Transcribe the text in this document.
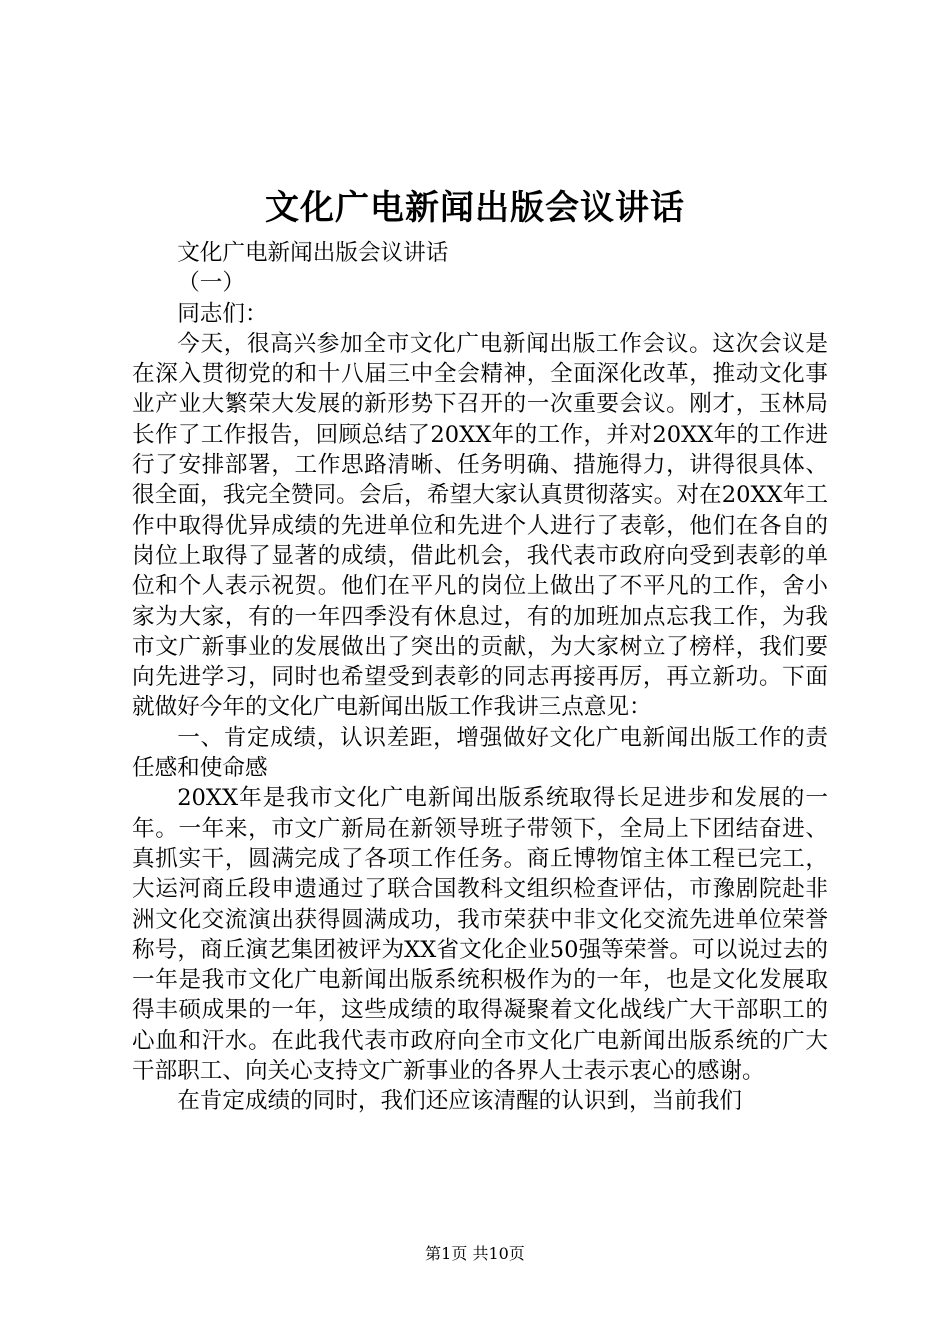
文化广电新闻出版会议讲话

文化广电新闻出版会议讲话

（一）

同志们：

今天，很高兴参加全市文化广电新闻出版工作会议。这次会议是在深入贯彻党的和十八届三中全会精神，全面深化改革，推动文化事业产业大繁荣大发展的新形势下召开的一次重要会议。刚才，玉林局长作了工作报告，回顾总结了20XX年的工作，并对20XX年的工作进行了安排部署，工作思路清晰、任务明确、措施得力，讲得很具体、很全面，我完全赞同。会后，希望大家认真贯彻落实。对在20XX年工作中取得优异成绩的先进单位和先进个人进行了表彰，他们在各自的岗位上取得了显著的成绩，借此机会，我代表市政府向受到表彰的单位和个人表示祝贺。他们在平凡的岗位上做出了不平凡的工作，舍小家为大家，有的一年四季没有休息过，有的加班加点忘我工作，为我市文广新事业的发展做出了突出的贡献，为大家树立了榜样，我们要向先进学习，同时也希望受到表彰的同志再接再厉，再立新功。下面就做好今年的文化广电新闻出版工作我讲三点意见：

一、肯定成绩，认识差距，增强做好文化广电新闻出版工作的责任感和使命感

20XX年是我市文化广电新闻出版系统取得长足进步和发展的一年。一年来，市文广新局在新领导班子带领下，全局上下团结奋进、真抓实干，圆满完成了各项工作任务。商丘博物馆主体工程已完工，大运河商丘段申遗通过了联合国教科文组织检查评估，市豫剧院赴非洲文化交流演出获得圆满成功，我市荣获中非文化交流先进单位荣誉称号，商丘演艺集团被评为XX省文化企业50强等荣誉。可以说过去的一年是我市文化广电新闻出版系统积极作为的一年，也是文化发展取得丰硕成果的一年，这些成绩的取得凝聚着文化战线广大干部职工的心血和汗水。在此我代表市政府向全市文化广电新闻出版系统的广大干部职工、向关心支持文广新事业的各界人士表示衷心的感谢。

在肯定成绩的同时，我们还应该清醒的认识到，当前我们

第1页 共10页
